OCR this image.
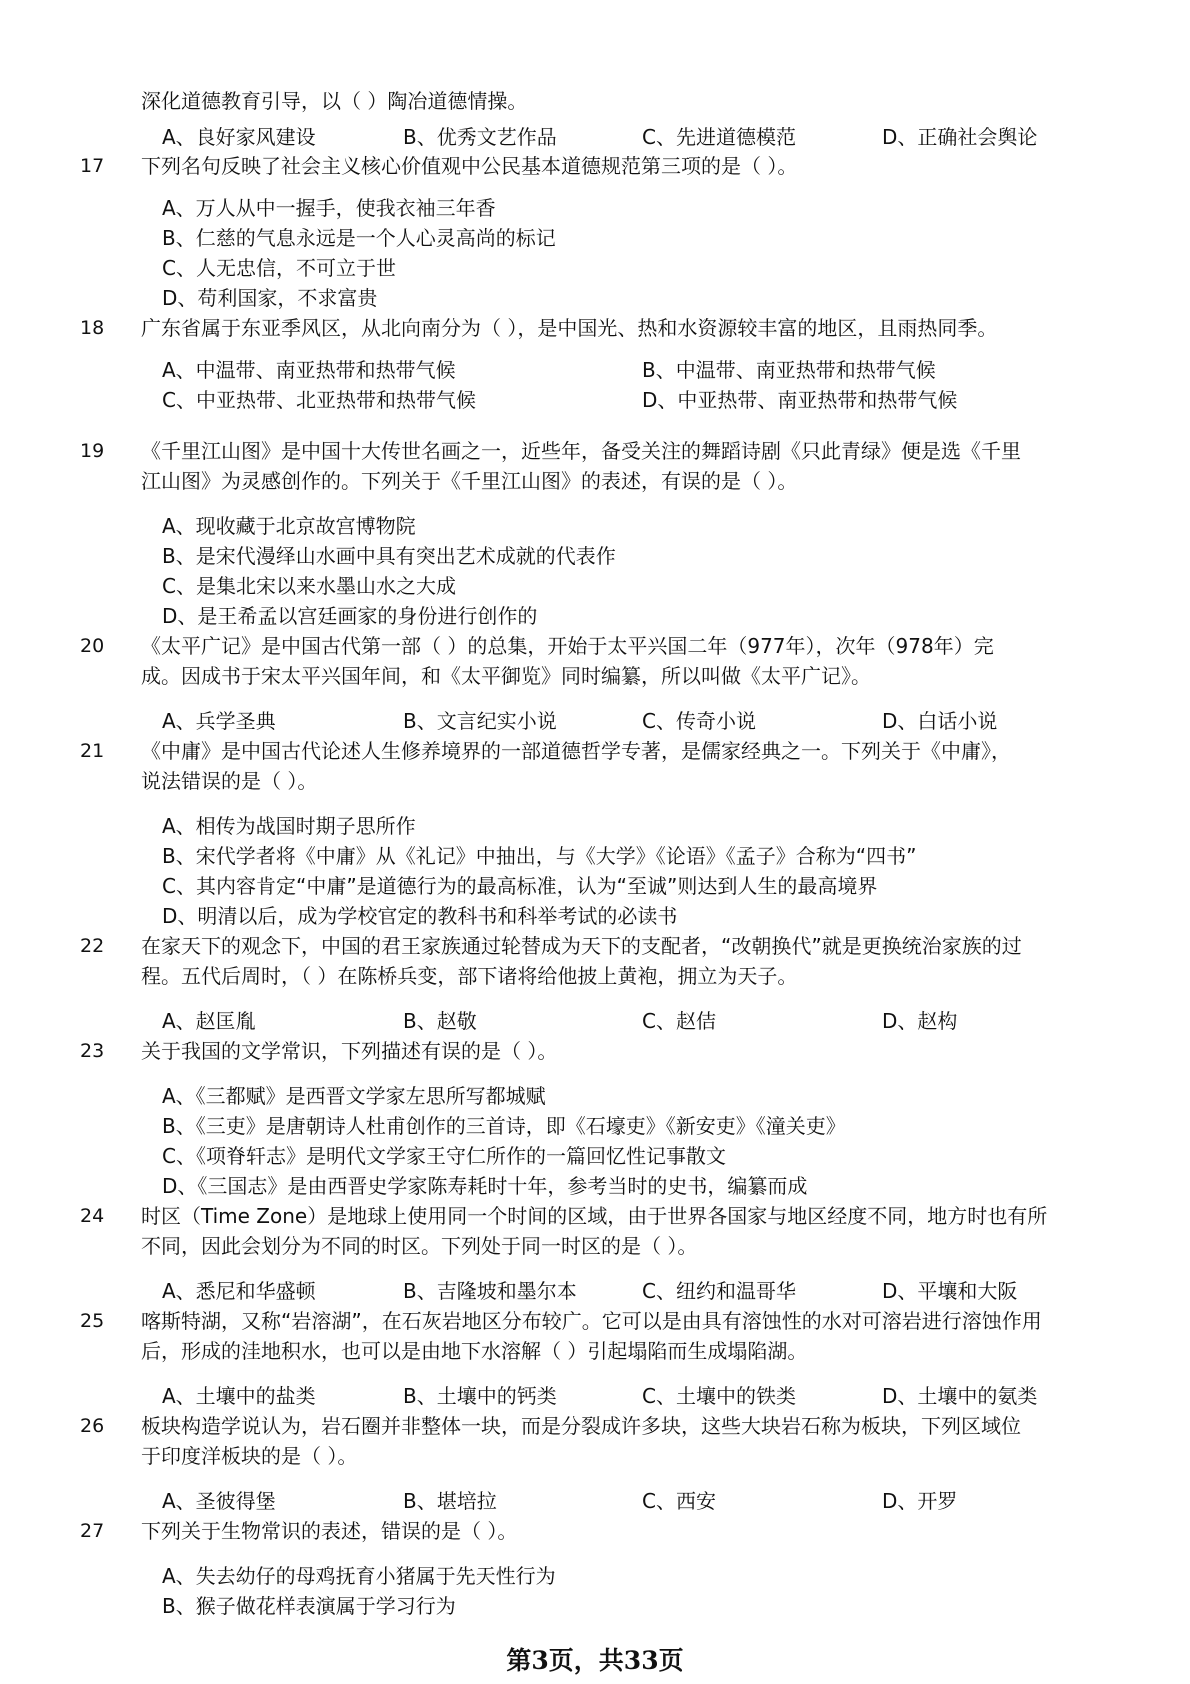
深化道德教育引导，以（ ）陶冶道德情操。
A、良好家风建设	B、优秀文艺作品	C、先进道德模范	D、正确社会舆论
17	下列名句反映了社会主义核心价值观中公民基本道德规范第三项的是（ ）。
A、万人从中一握手，使我衣袖三年香
B、仁慈的气息永远是一个人心灵高尚的标记
C、人无忠信，不可立于世
D、苟利国家，不求富贵
18	广东省属于东亚季风区，从北向南分为（ ），是中国光、热和水资源较丰富的地区，且雨热同季。
A、中温带、南亚热带和热带气候	B、中温带、南亚热带和热带气候
C、中亚热带、北亚热带和热带气候	D、中亚热带、南亚热带和热带气候
19	《千里江山图》是中国十大传世名画之一，近些年，备受关注的舞蹈诗剧《只此青绿》便是选《千里
江山图》为灵感创作的。下列关于《千里江山图》的表述，有误的是（ ）。
A、现收藏于北京故宫博物院
B、是宋代漫绎山水画中具有突出艺术成就的代表作
C、是集北宋以来水墨山水之大成
D、是王希孟以宫廷画家的身份进行创作的
20	《太平广记》是中国古代第一部（ ）的总集，开始于太平兴国二年（977年），次年（978年）完
成。因成书于宋太平兴国年间，和《太平御览》同时编纂，所以叫做《太平广记》。
A、兵学圣典	B、文言纪实小说	C、传奇小说	D、白话小说
21	《中庸》是中国古代论述人生修养境界的一部道德哲学专著，是儒家经典之一。下列关于《中庸》，
说法错误的是（ ）。
A、相传为战国时期子思所作
B、宋代学者将《中庸》从《礼记》中抽出，与《大学》《论语》《孟子》合称为“四书”
C、其内容肯定“中庸”是道德行为的最高标准，认为“至诚”则达到人生的最高境界
D、明清以后，成为学校官定的教科书和科举考试的必读书
22	在家天下的观念下，中国的君王家族通过轮替成为天下的支配者，“改朝换代”就是更换统治家族的过
程。五代后周时，（ ）在陈桥兵变，部下诸将给他披上黄袍，拥立为天子。
A、赵匡胤	B、赵敬	C、赵佶	D、赵构
23	关于我国的文学常识，下列描述有误的是（ ）。
A、《三都赋》是西晋文学家左思所写都城赋
B、《三吏》是唐朝诗人杜甫创作的三首诗，即《石壕吏》《新安吏》《潼关吏》
C、《项脊轩志》是明代文学家王守仁所作的一篇回忆性记事散文
D、《三国志》是由西晋史学家陈寿耗时十年，参考当时的史书，编纂而成
24	时区（Time Zone）是地球上使用同一个时间的区域，由于世界各国家与地区经度不同，地方时也有所
不同，因此会划分为不同的时区。下列处于同一时区的是（ ）。
A、悉尼和华盛顿	B、吉隆坡和墨尔本	C、纽约和温哥华	D、平壤和大阪
25	喀斯特湖，又称“岩溶湖”，在石灰岩地区分布较广。它可以是由具有溶蚀性的水对可溶岩进行溶蚀作用
后，形成的洼地积水，也可以是由地下水溶解（ ）引起塌陷而生成塌陷湖。
A、土壤中的盐类	B、土壤中的钙类	C、土壤中的铁类	D、土壤中的氨类
26	板块构造学说认为，岩石圈并非整体一块，而是分裂成许多块，这些大块岩石称为板块，下列区域位
于印度洋板块的是（ ）。
A、圣彼得堡	B、堪培拉	C、西安	D、开罗
27	下列关于生物常识的表述，错误的是（ ）。
A、失去幼仔的母鸡抚育小猪属于先天性行为
B、猴子做花样表演属于学习行为
第3页，共33页
